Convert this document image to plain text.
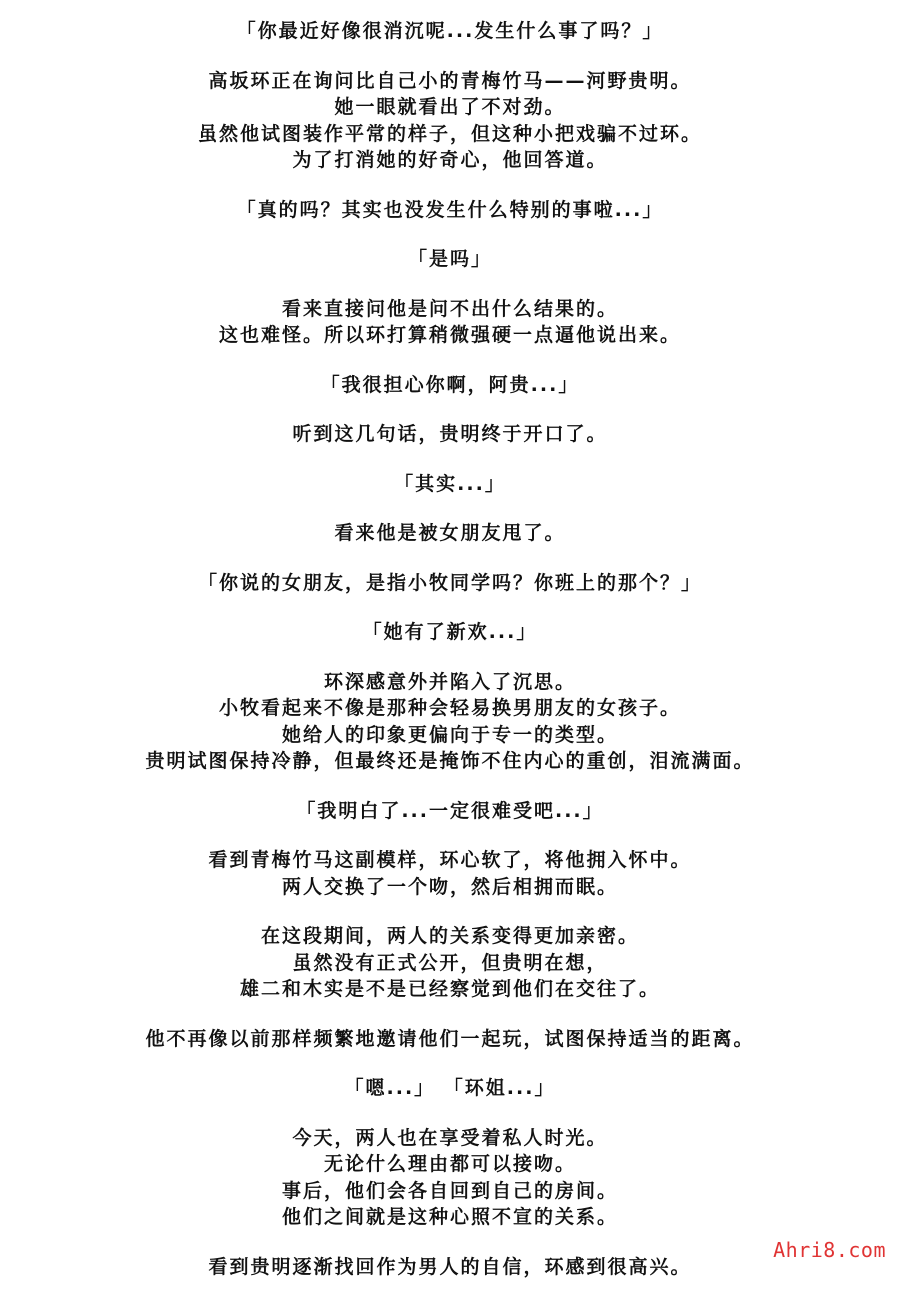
「你最近好像很消沉呢...发生什么事了吗？」
高坂环正在询问比自己小的青梅竹马——河野贵明。
她一眼就看出了不对劲。
虽然他试图装作平常的样子，但这种小把戏骗不过环。
为了打消她的好奇心，他回答道。
「真的吗？其实也没发生什么特别的事啦...」
「是吗」
看来直接问他是问不出什么结果的。
这也难怪。所以环打算稍微强硬一点逼他说出来。
「我很担心你啊，阿贵...」
听到这几句话，贵明终于开口了。
「其实...」
看来他是被女朋友甩了。
「你说的女朋友，是指小牧同学吗？你班上的那个？」
「她有了新欢...」
环深感意外并陷入了沉思。
小牧看起来不像是那种会轻易换男朋友的女孩子。
她给人的印象更偏向于专一的类型。
贵明试图保持冷静，但最终还是掩饰不住内心的重创，泪流满面。
「我明白了...一定很难受吧...」
看到青梅竹马这副模样，环心软了，将他拥入怀中。
两人交换了一个吻，然后相拥而眠。
在这段期间，两人的关系变得更加亲密。
虽然没有正式公开，但贵明在想，
雄二和木实是不是已经察觉到他们在交往了。
他不再像以前那样频繁地邀请他们一起玩，试图保持适当的距离。
「嗯...」 「环姐...」
今天，两人也在享受着私人时光。
无论什么理由都可以接吻。
事后，他们会各自回到自己的房间。
他们之间就是这种心照不宣的关系。
看到贵明逐渐找回作为男人的自信，环感到很高兴。
Ahri8.com
